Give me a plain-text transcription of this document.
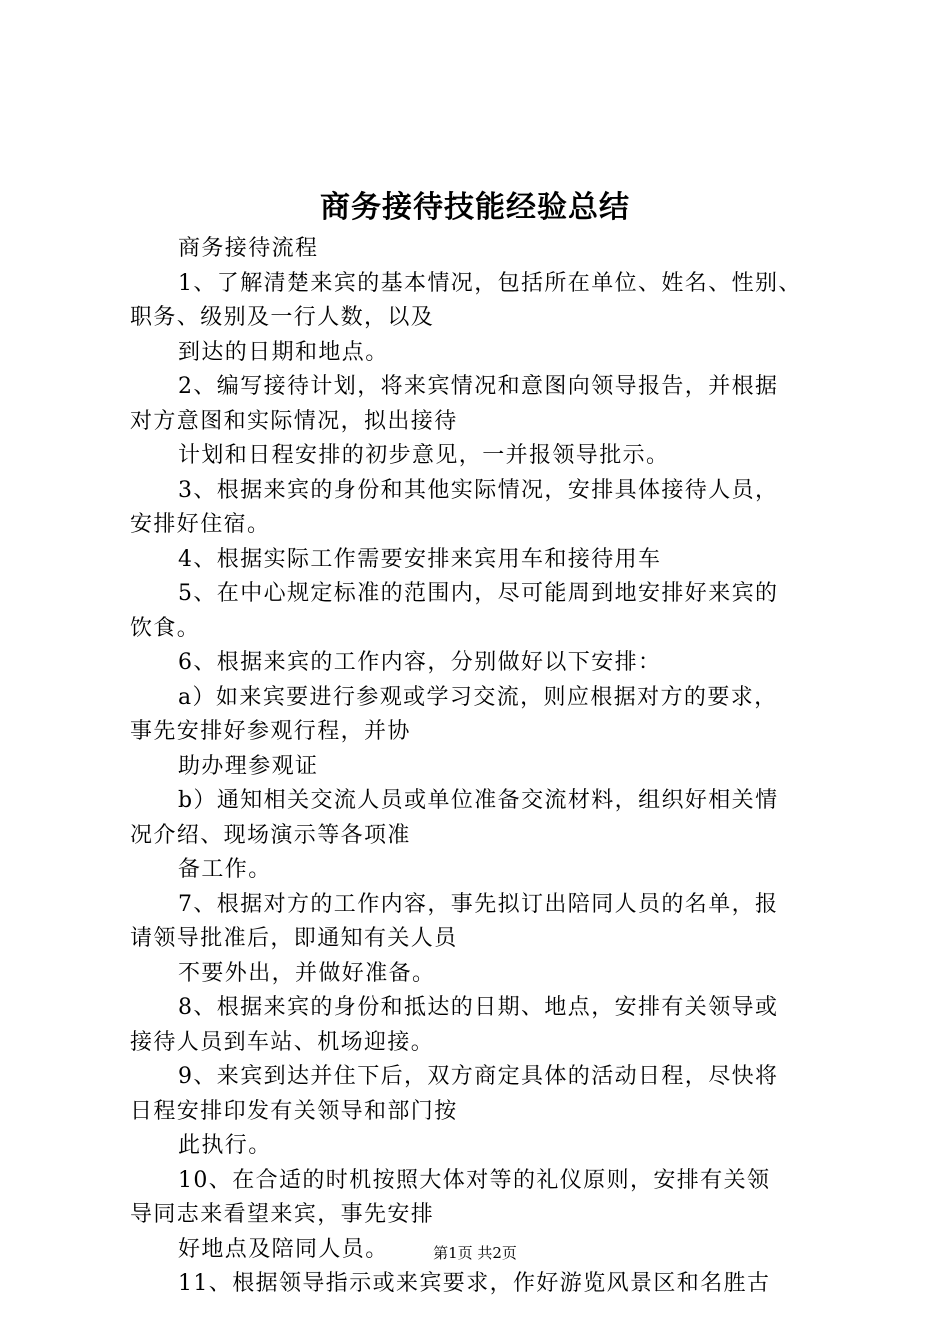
商务接待技能经验总结
商务接待流程
1、了解清楚来宾的基本情况，包括所在单位、姓名、性别、
职务、级别及一行人数，以及
到达的日期和地点。
2、编写接待计划，将来宾情况和意图向领导报告，并根据
对方意图和实际情况，拟出接待
计划和日程安排的初步意见，一并报领导批示。
3、根据来宾的身份和其他实际情况，安排具体接待人员，
安排好住宿。
4、根据实际工作需要安排来宾用车和接待用车
5、在中心规定标准的范围内，尽可能周到地安排好来宾的
饮食。
6、根据来宾的工作内容，分别做好以下安排：
a）如来宾要进行参观或学习交流，则应根据对方的要求，
事先安排好参观行程，并协
助办理参观证
b）通知相关交流人员或单位准备交流材料，组织好相关情
况介绍、现场演示等各项准
备工作。
7、根据对方的工作内容，事先拟订出陪同人员的名单，报
请领导批准后，即通知有关人员
不要外出，并做好准备。
8、根据来宾的身份和抵达的日期、地点，安排有关领导或
接待人员到车站、机场迎接。
9、来宾到达并住下后，双方商定具体的活动日程，尽快将
日程安排印发有关领导和部门按
此执行。
10、在合适的时机按照大体对等的礼仪原则，安排有关领
导同志来看望来宾，事先安排
好地点及陪同人员。
11、根据领导指示或来宾要求，作好游览风景区和名胜古
第1页 共2页
